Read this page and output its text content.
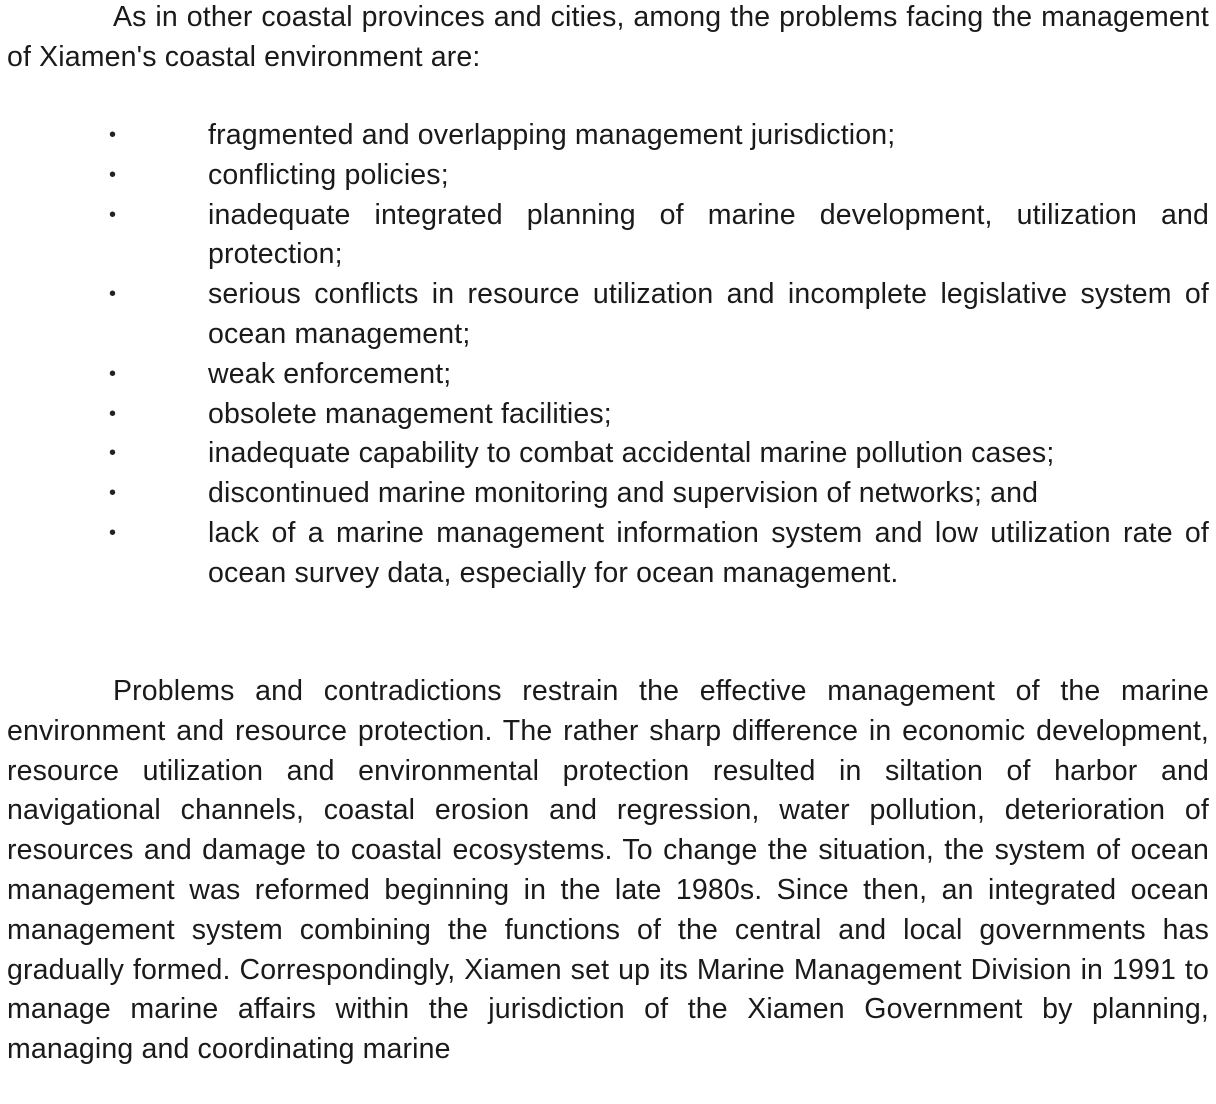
As in other coastal provinces and cities, among the problems facing the management of Xiamen's coastal environment are:

•	fragmented and overlapping management jurisdiction;
•	conflicting policies;
•	inadequate integrated planning of marine development, utilization and protection;
•	serious conflicts in resource utilization and incomplete legislative system of ocean management;
•	weak enforcement;
•	obsolete management facilities;
•	inadequate capability to combat accidental marine pollution cases;
•	discontinued marine monitoring and supervision of networks; and
•	lack of a marine management information system and low utilization rate of ocean survey data, especially for ocean management.

Problems and contradictions restrain the effective management of the marine environment and resource protection. The rather sharp difference in economic development, resource utilization and environmental protection resulted in siltation of harbor and navigational channels, coastal erosion and regression, water pollution, deterioration of resources and damage to coastal ecosystems. To change the situation, the system of ocean management was reformed beginning in the late 1980s. Since then, an integrated ocean management system combining the functions of the central and local governments has gradually formed. Correspondingly, Xiamen set up its Marine Management Division in 1991 to manage marine affairs within the jurisdiction of the Xiamen Government by planning, managing and coordinating marine
